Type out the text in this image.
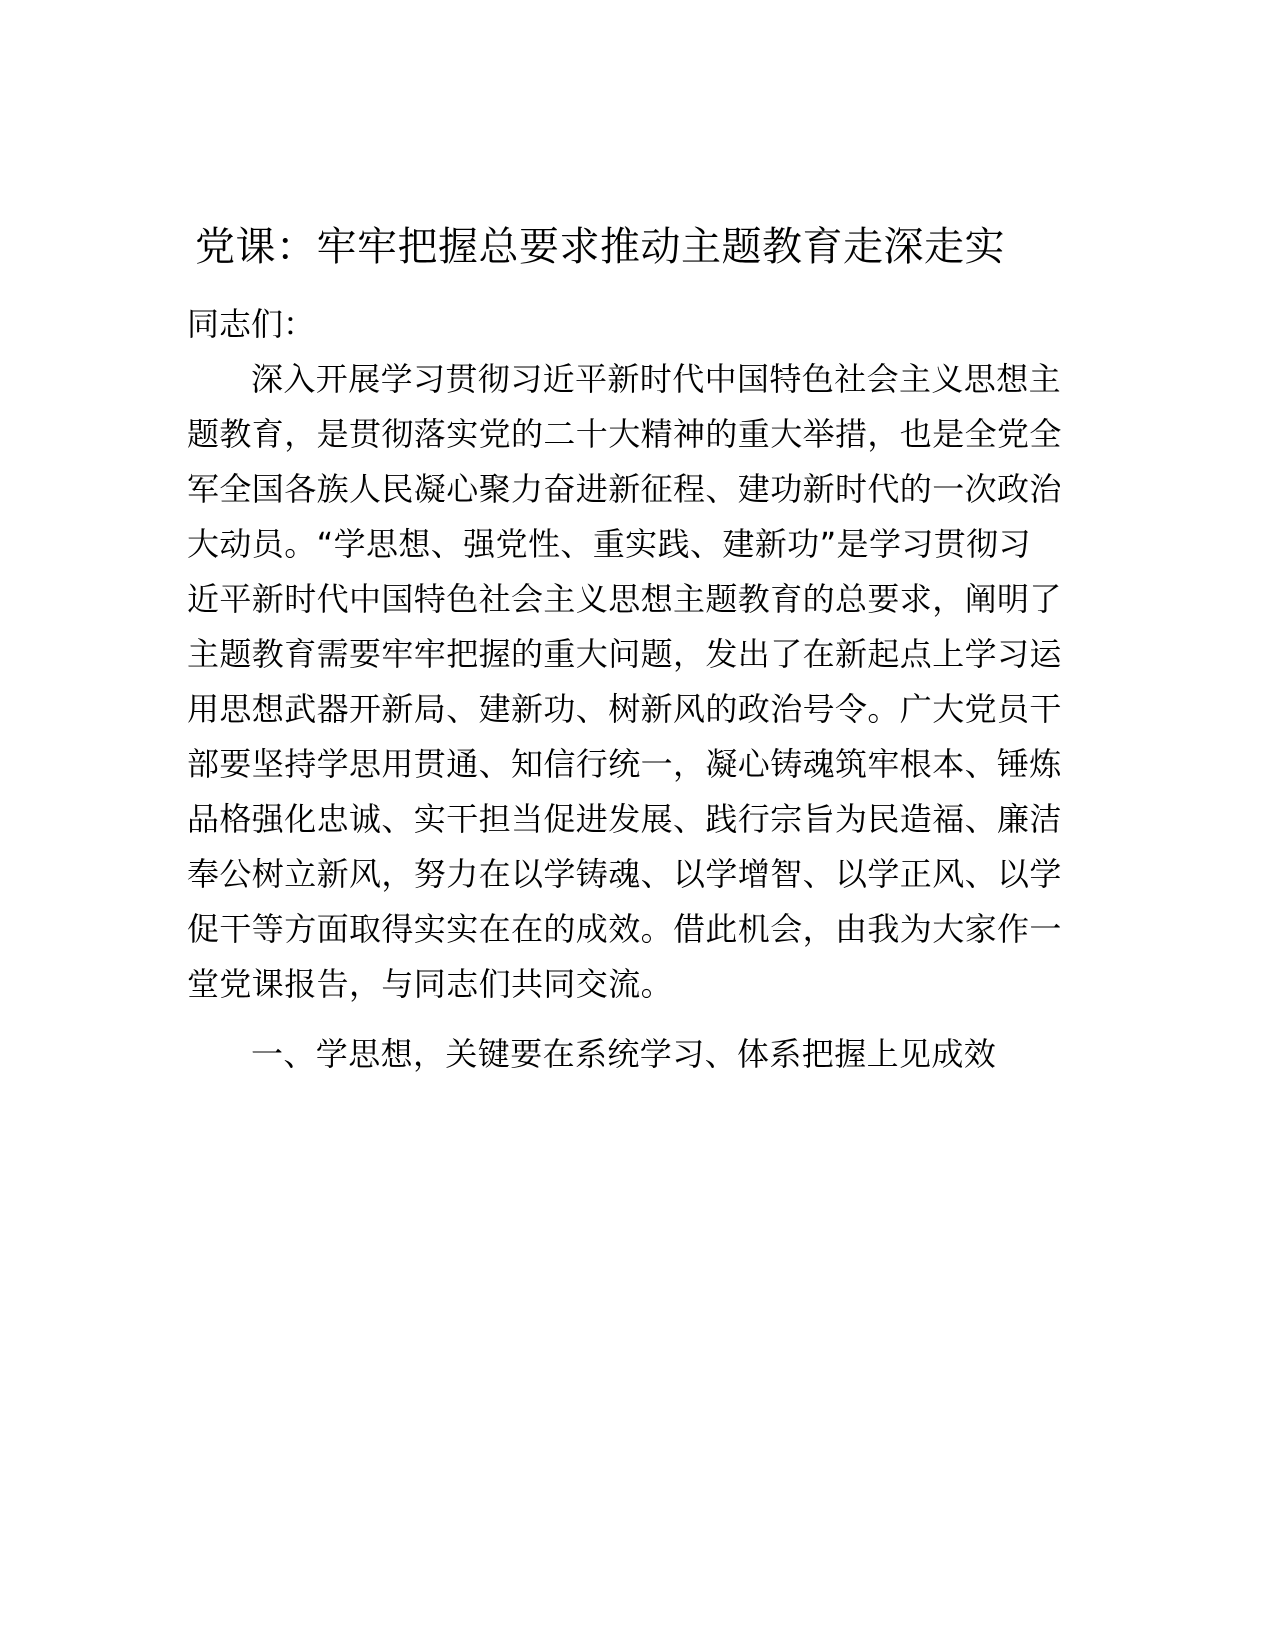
党课：牢牢把握总要求推动主题教育走深走实
同志们：
深入开展学习贯彻习近平新时代中国特色社会主义思想主
题教育，是贯彻落实党的二十大精神的重大举措，也是全党全
军全国各族人民凝心聚力奋进新征程、建功新时代的一次政治
大动员。“学思想、强党性、重实践、建新功”是学习贯彻习
近平新时代中国特色社会主义思想主题教育的总要求，阐明了
主题教育需要牢牢把握的重大问题，发出了在新起点上学习运
用思想武器开新局、建新功、树新风的政治号令。广大党员干
部要坚持学思用贯通、知信行统一，凝心铸魂筑牢根本、锤炼
品格强化忠诚、实干担当促进发展、践行宗旨为民造福、廉洁
奉公树立新风，努力在以学铸魂、以学增智、以学正风、以学
促干等方面取得实实在在的成效。借此机会，由我为大家作一
堂党课报告，与同志们共同交流。
一、学思想，关键要在系统学习、体系把握上见成效
